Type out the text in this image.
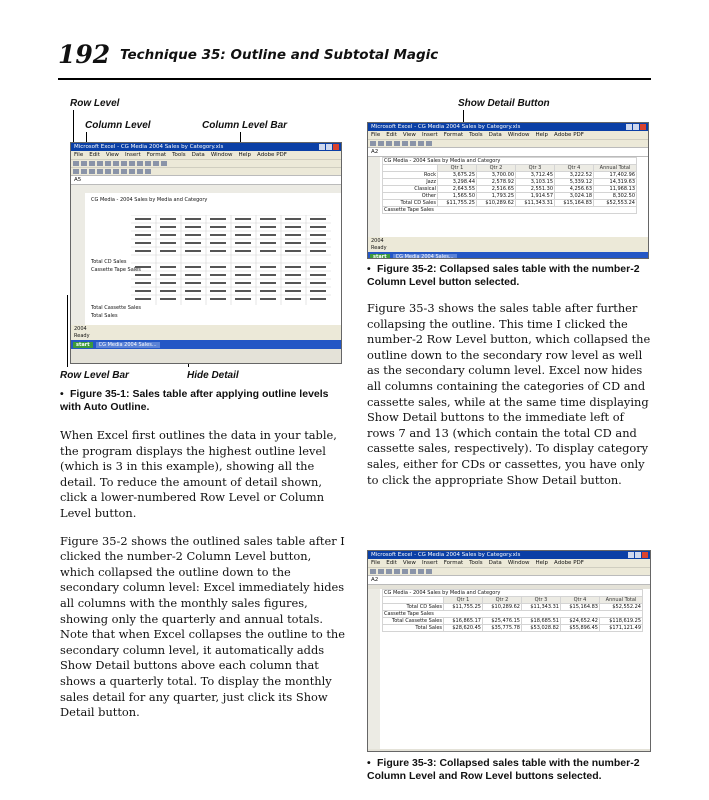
192 Technique 35: Outline and Subtotal Magic
Row Level
Column Level	Column Level Bar
Row Level Bar	Hide Detail
Microsoft Excel - CG Media 2004 Sales by Category.xls
File Edit View Insert Format Tools Data Window Help Adobe PDF
A5
CG Media - 2004 Sales by Media and Category
Total CD Sales
Cassette Tape Sales
Total Cassette Sales
Total Sales
2004
Ready
start	CG Media 2004 Sales...
• Figure 35-1: Sales table after applying outline levels with Auto Outline.
Show Detail Button
Microsoft Excel - CG Media 2004 Sales by Category.xls
File Edit View Insert Format Tools Data Window Help Adobe PDF
A2
CG Media - 2004 Sales by Media and Category					
	Qtr 1	Qtr 2	Qtr 3	Qtr 4	Annual Total
Rock	3,675.25	3,700.00	3,712.45	3,222.52	17,402.96
Jazz	3,298.44	2,578.92	3,103.15	5,339.12	14,319.63
Classical	2,643.55	2,516.65	2,551.30	4,256.63	11,968.13
Other	1,565.50	1,793.25	1,914.57	3,024.18	8,302.50
Total CD Sales	$11,755.25	$10,289.62	$11,343.31	$15,164.83	$52,553.24
Cassette Tape Sales					
2004
Ready
start	CG Media 2004 Sales...
• Figure 35-2: Collapsed sales table with the number-2 Column Level button selected.

When Excel first outlines the data in your table, the program displays the highest outline level (which is 3 in this example), showing all the detail. To reduce the amount of detail shown, click a lower-numbered Row Level or Column Level button.

Figure 35-2 shows the outlined sales table after I clicked the number-2 Column Level button, which collapsed the outline down to the secondary column level: Excel immediately hides all columns with the monthly sales figures, showing only the quarterly and annual totals. Note that when Excel collapses the outline to the secondary column level, it automatically adds Show Detail buttons above each column that shows a quarterly total. To display the monthly sales detail for any quarter, just click its Show Detail button.

Figure 35-3 shows the sales table after further collapsing the outline. This time I clicked the number-2 Row Level button, which collapsed the outline down to the secondary row level as well as the secondary column level. Excel now hides all columns containing the categories of CD and cassette sales, while at the same time displaying Show Detail buttons to the immediate left of rows 7 and 13 (which contain the total CD and cassette sales, respectively). To display category sales, either for CDs or cassettes, you have only to click the appropriate Show Detail button.

Microsoft Excel - CG Media 2004 Sales by Category.xls
File Edit View Insert Format Tools Data Window Help Adobe PDF
A2
CG Media - 2004 Sales by Media and Category					
	Qtr 1	Qtr 2	Qtr 3	Qtr 4	Annual Total
Total CD Sales	$11,755.25	$10,289.62	$11,343.31	$15,164.83	$52,552.24
Cassette Tape Sales					
Total Cassette Sales	$16,865.17	$25,476.15	$18,685.51	$24,652.42	$118,619.25
Total Sales	$28,620.45	$35,775.78	$53,028.82	$55,896.45	$171,121.49
• Figure 35-3: Collapsed sales table with the number-2 Column Level and Row Level buttons selected.
